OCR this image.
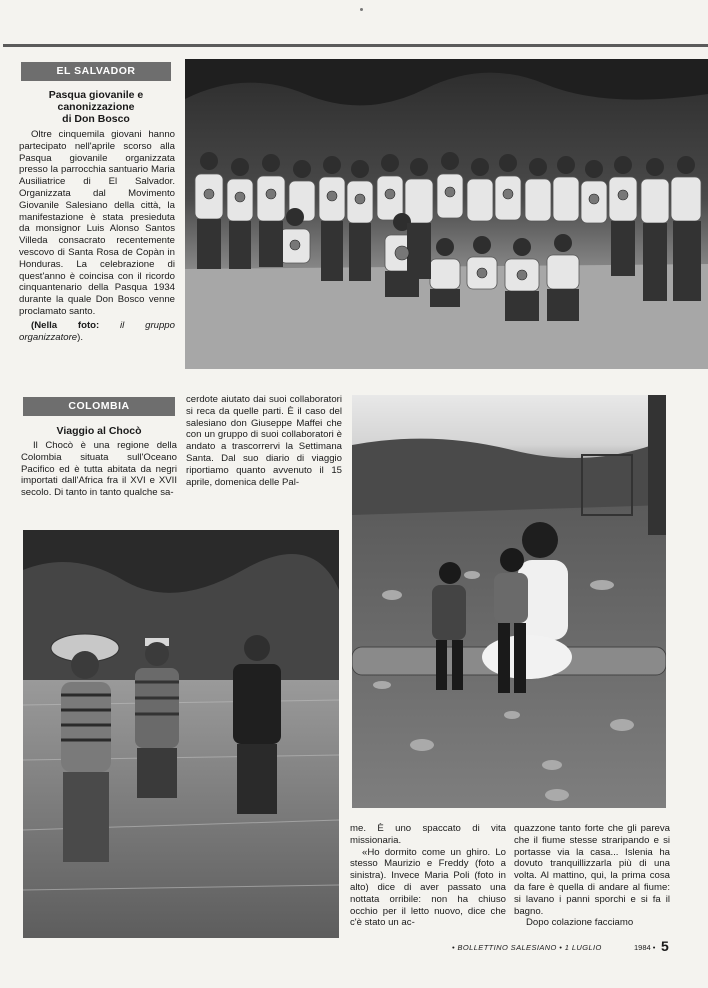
EL SALVADOR
Pasqua giovanile e
canonizzazione
di Don Bosco

Oltre cinquemila giovani hanno partecipato nell'aprile scorso alla Pasqua giovanile organizzata presso la parrocchia santuario Maria Ausiliatrice di El Salvador. Organizzata dal Movimento Giovanile Salesiano della città, la manifestazione è stata presieduta da monsignor Luis Alonso Santos Villeda consacrato recentemente vescovo di Santa Rosa de Copàn in Honduras. La celebrazione di quest'anno è coincisa con il ricordo cinquantenario della Pasqua 1934 durante la quale Don Bosco venne proclamato santo.

(Nella foto: il gruppo organizzatore).

COLOMBIA
Viaggio al Chocò

Il Chocò è una regione della Colombia situata sull'Oceano Pacifico ed è tutta abitata da negri importati dall'Africa fra il XVI e XVII secolo. Di tanto in tanto qualche sa-

cerdote aiutato dai suoi collaboratori si reca da quelle parti. È il caso del salesiano don Giuseppe Maffei che con un gruppo di suoi collaboratori è andato a trascorrervi la Settimana Santa. Dal suo diario di viaggio riportiamo quanto avvenuto il 15 aprile, domenica delle Pal-

me. È uno spaccato di vita missionaria.

«Ho dormito come un ghiro. Lo stesso Maurizio e Freddy (foto a sinistra). Invece Maria Poli (foto in alto) dice di aver passato una nottata orribile: non ha chiuso occhio per il letto nuovo, dice che c'è stato un ac-

quazzone tanto forte che gli pareva che il fiume stesse straripando e si portasse via la casa... Islenia ha dovuto tranquillizzarla più di una volta. Al mattino, qui, la prima cosa da fare è quella di andare al fiume: si lavano i panni sporchi e si fa il bagno.

Dopo colazione facciamo

• BOLLETTINO SALESIANO • 1 LUGLIO	1984 • 5
